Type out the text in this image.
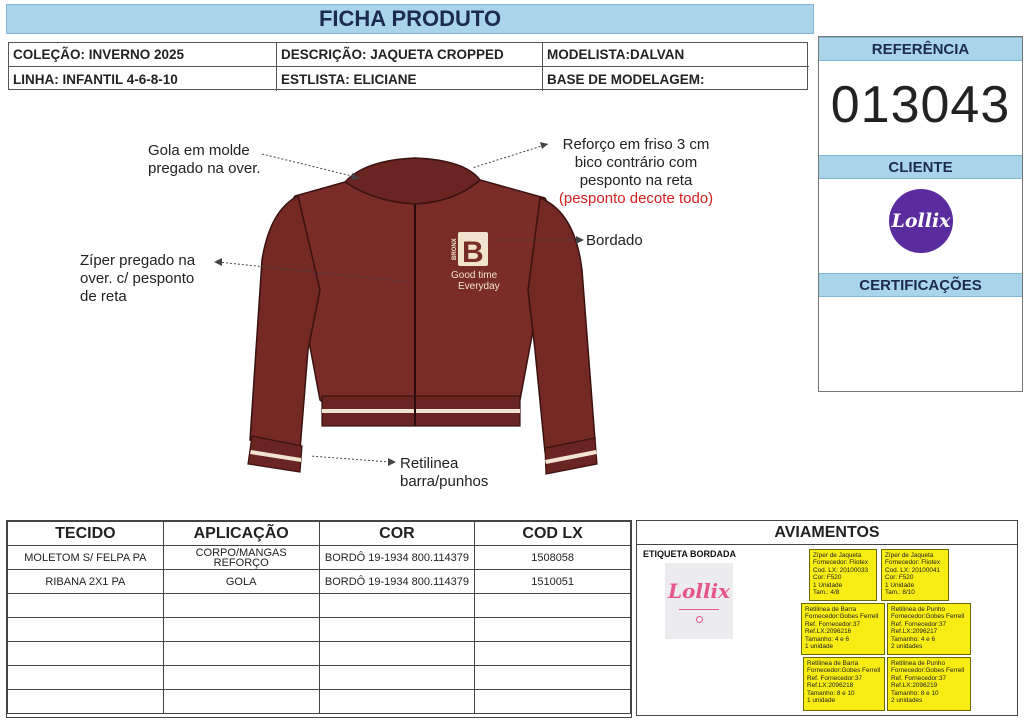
FICHA PRODUTO
COLEÇÃO: INVERNO 2025	DESCRIÇÃO: JAQUETA CROPPED	MODELISTA:DALVAN
LINHA: INFANTIL 4-6-8-10	ESTLISTA: ELICIANE	BASE DE MODELAGEM:
REFERÊNCIA
013043
CLIENTE
Lollix
CERTIFICAÇÕES
B
BRONX
Good time
Everyday
Gola em molde
pregado na over.
Reforço em friso 3 cm
bico contrário com
pesponto na reta
(pesponto decote todo)
Bordado
Zíper pregado na
over. c/ pesponto
de reta
Retilinea
barra/punhos
TECIDO	APLICAÇÃO	COR	COD LX
MOLETOM S/ FELPA PA	CORPO/MANGAS
REFORÇO	BORDÔ 19-1934 800.114379	1508058
RIBANA 2X1 PA	GOLA	BORDÔ 19-1934 800.114379	1510051

AVIAMENTOS
ETIQUETA BORDADA
Lollix
Zíper de Jaqueta
Fornecedor: Fliotex
Cod. LX: 20100033
Cor: F520
1 Unidade
Tam.: 4/8
Zíper de Jaqueta
Fornecedor: Fliotex
Cod. LX: 20100041
Cor: F520
1 Unidade
Tam.: 8/10
Retilinea de Barra
Fornecedor:Gobes Ferrell
Ref. Fornecedor:37
Ref.LX:2096216
Tamanho: 4 e 6
1 unidade
Retilinea de Punho
Fornecedor:Gobes Ferrell
Ref. Fornecedor:37
Ref.LX:2096217
Tamanho: 4 e 6
2 unidades
Retilinea de Barra
Fornecedor:Gobes Ferrell
Ref. Fornecedor:37
Ref.LX:2096218
Tamanho: 8 e 10
1 unidade
Retilinea de Punho
Fornecedor:Gobes Ferrell
Ref. Fornecedor:37
Ref.LX:2096219
Tamanho: 8 e 10
2 unidades
